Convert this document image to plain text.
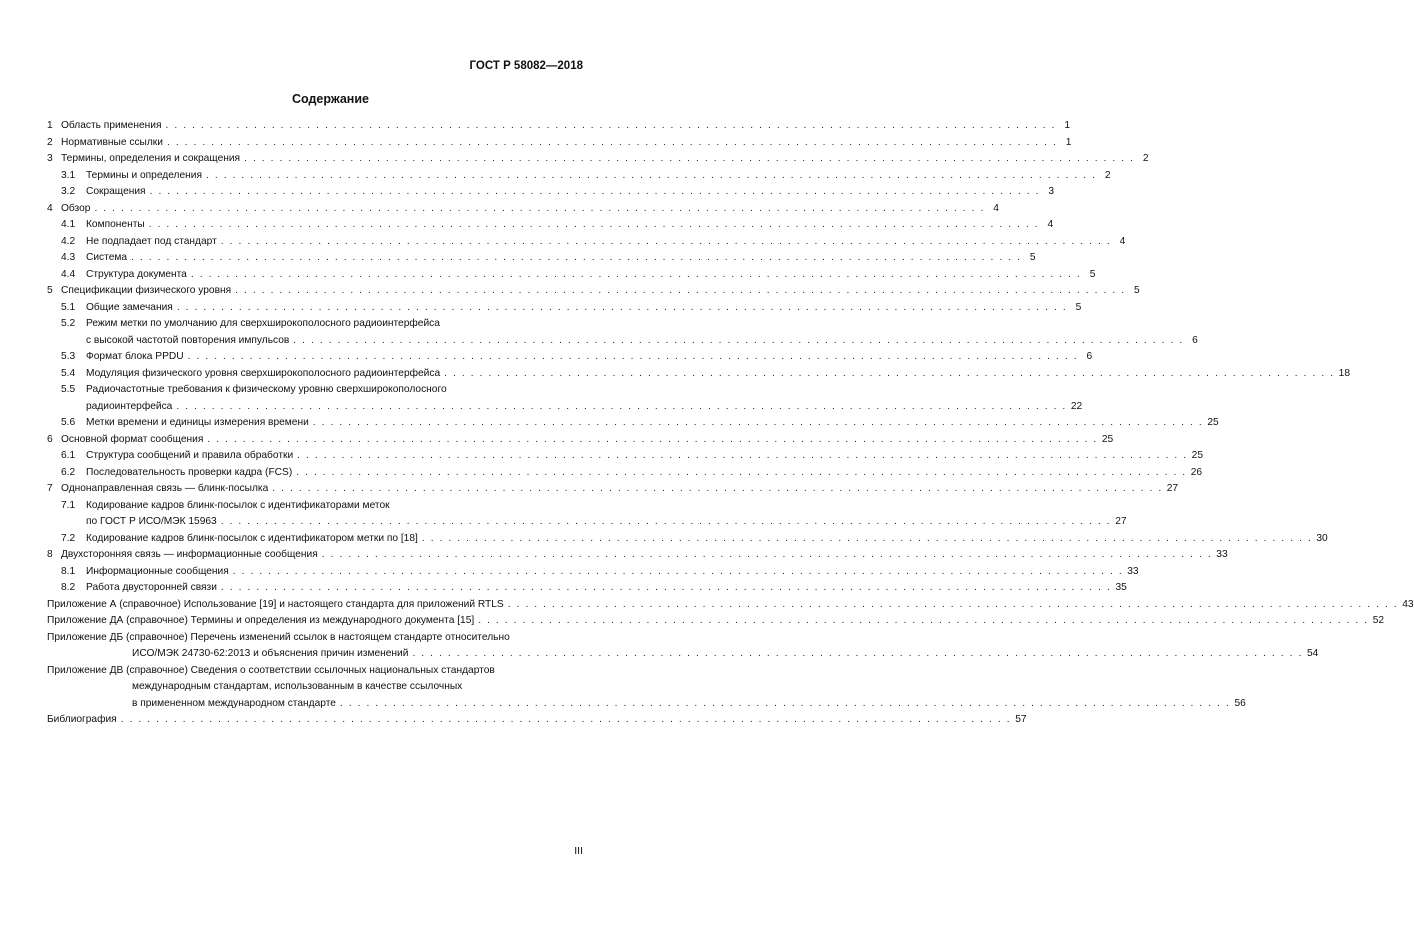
ГОСТ Р 58082—2018
Содержание
1 Область применения . . . . . . . . . . . . . . . . . . . . . . . . . . . . . . . . . . . . . . . . . . . . . . . . . . . . . . . . . . . . . . . . . . . . . . . . . . . . . . . . . . . . . . . . . . . . . . . . . . . . . 1
2 Нормативные ссылки . . . . . . . . . . . . . . . . . . . . . . . . . . . . . . . . . . . . . . . . . . . . . . . . . . . . . . . . . . . . . . . . . . . . . . . . . . . . . . . . . . . . . . . . . . . . . . . . . . . . . 1
3 Термины, определения и сокращения . . . . . . . . . . . . . . . . . . . . . . . . . . . . . . . . . . . . . . . . . . . . . . . . . . . . . . . . . . . . . . . . . . . . . . . . . . . . . . . . . . . . . . . . . . . . . . . . . . . . . 2
3.1	Термины и определения . . . . . . . . . . . . . . . . . . . . . . . . . . . . . . . . . . . . . . . . . . . . . . . . . . . . . . . . . . . . . . . . . . . . . . . . . . . . . . . . . . . . . . . . . . . . . . . . . . . . . 2
3.2	Сокращения . . . . . . . . . . . . . . . . . . . . . . . . . . . . . . . . . . . . . . . . . . . . . . . . . . . . . . . . . . . . . . . . . . . . . . . . . . . . . . . . . . . . . . . . . . . . . . . . . . . . . 3
4 Обзор . . . . . . . . . . . . . . . . . . . . . . . . . . . . . . . . . . . . . . . . . . . . . . . . . . . . . . . . . . . . . . . . . . . . . . . . . . . . . . . . . . . . . . . . . . . . . . . . . . . . . 4
4.1	Компоненты . . . . . . . . . . . . . . . . . . . . . . . . . . . . . . . . . . . . . . . . . . . . . . . . . . . . . . . . . . . . . . . . . . . . . . . . . . . . . . . . . . . . . . . . . . . . . . . . . . . . . 4
4.2	Не подпадает под стандарт . . . . . . . . . . . . . . . . . . . . . . . . . . . . . . . . . . . . . . . . . . . . . . . . . . . . . . . . . . . . . . . . . . . . . . . . . . . . . . . . . . . . . . . . . . . . . . . . . . . . . 4
4.3	Система . . . . . . . . . . . . . . . . . . . . . . . . . . . . . . . . . . . . . . . . . . . . . . . . . . . . . . . . . . . . . . . . . . . . . . . . . . . . . . . . . . . . . . . . . . . . . . . . . . . . . 5
4.4	Структура документа . . . . . . . . . . . . . . . . . . . . . . . . . . . . . . . . . . . . . . . . . . . . . . . . . . . . . . . . . . . . . . . . . . . . . . . . . . . . . . . . . . . . . . . . . . . . . . . . . . . . . 5
5 Спецификации физического уровня . . . . . . . . . . . . . . . . . . . . . . . . . . . . . . . . . . . . . . . . . . . . . . . . . . . . . . . . . . . . . . . . . . . . . . . . . . . . . . . . . . . . . . . . . . . . . . . . . . . . . 5
5.1	Общие замечания . . . . . . . . . . . . . . . . . . . . . . . . . . . . . . . . . . . . . . . . . . . . . . . . . . . . . . . . . . . . . . . . . . . . . . . . . . . . . . . . . . . . . . . . . . . . . . . . . . . . . 5
5.2	Режим метки по умолчанию для сверхширокополосного радиоинтерфейса
с высокой частотой повторения импульсов . . . . . . . . . . . . . . . . . . . . . . . . . . . . . . . . . . . . . . . . . . . . . . . . . . . . . . . . . . . . . . . . . . . . . . . . . . . . . . . . . . . . . . . . . . . . . . . . . . . . . 6
5.3	Формат блока PPDU . . . . . . . . . . . . . . . . . . . . . . . . . . . . . . . . . . . . . . . . . . . . . . . . . . . . . . . . . . . . . . . . . . . . . . . . . . . . . . . . . . . . . . . . . . . . . . . . . . . . . 6
5.4	Модуляция физического уровня сверхширокополосного радиоинтерфейса . . . . . . . . . . . . . . . . . . . . . . . . . . . . . . . . . . . . . . . . . . . . . . . . . . . . . . . . . . . . . . . . . . . . . . . . . . . . . . . . . . . . . . . . . . . . . . . . . . . . . 18
5.5	Радиочастотные требования к физическому уровню сверхширокополосного
радиоинтерфейса . . . . . . . . . . . . . . . . . . . . . . . . . . . . . . . . . . . . . . . . . . . . . . . . . . . . . . . . . . . . . . . . . . . . . . . . . . . . . . . . . . . . . . . . . . . . . . . . . . . . . 22
5.6	Метки времени и единицы измерения времени . . . . . . . . . . . . . . . . . . . . . . . . . . . . . . . . . . . . . . . . . . . . . . . . . . . . . . . . . . . . . . . . . . . . . . . . . . . . . . . . . . . . . . . . . . . . . . . . . . . . . 25
6 Основной формат сообщения . . . . . . . . . . . . . . . . . . . . . . . . . . . . . . . . . . . . . . . . . . . . . . . . . . . . . . . . . . . . . . . . . . . . . . . . . . . . . . . . . . . . . . . . . . . . . . . . . . . . . 25
6.1	Структура сообщений и правила обработки . . . . . . . . . . . . . . . . . . . . . . . . . . . . . . . . . . . . . . . . . . . . . . . . . . . . . . . . . . . . . . . . . . . . . . . . . . . . . . . . . . . . . . . . . . . . . . . . . . . . . 25
6.2	Последовательность проверки кадра (FCS) . . . . . . . . . . . . . . . . . . . . . . . . . . . . . . . . . . . . . . . . . . . . . . . . . . . . . . . . . . . . . . . . . . . . . . . . . . . . . . . . . . . . . . . . . . . . . . . . . . . . . 26
7 Однонаправленная связь — блинк-посылка . . . . . . . . . . . . . . . . . . . . . . . . . . . . . . . . . . . . . . . . . . . . . . . . . . . . . . . . . . . . . . . . . . . . . . . . . . . . . . . . . . . . . . . . . . . . . . . . . . . . . 27
7.1	Кодирование кадров блинк-посылок с идентификаторами меток
по ГОСТ Р ИСО/МЭК 15963 . . . . . . . . . . . . . . . . . . . . . . . . . . . . . . . . . . . . . . . . . . . . . . . . . . . . . . . . . . . . . . . . . . . . . . . . . . . . . . . . . . . . . . . . . . . . . . . . . . . . . 27
7.2	Кодирование кадров блинк-посылок с идентификатором метки по [18] . . . . . . . . . . . . . . . . . . . . . . . . . . . . . . . . . . . . . . . . . . . . . . . . . . . . . . . . . . . . . . . . . . . . . . . . . . . . . . . . . . . . . . . . . . . . . . . . . . . . . 30
8 Двухсторонняя связь — информационные сообщения . . . . . . . . . . . . . . . . . . . . . . . . . . . . . . . . . . . . . . . . . . . . . . . . . . . . . . . . . . . . . . . . . . . . . . . . . . . . . . . . . . . . . . . . . . . . . . . . . . . . . 33
8.1	Информационные сообщения . . . . . . . . . . . . . . . . . . . . . . . . . . . . . . . . . . . . . . . . . . . . . . . . . . . . . . . . . . . . . . . . . . . . . . . . . . . . . . . . . . . . . . . . . . . . . . . . . . . . . 33
8.2	Работа двусторонней связи . . . . . . . . . . . . . . . . . . . . . . . . . . . . . . . . . . . . . . . . . . . . . . . . . . . . . . . . . . . . . . . . . . . . . . . . . . . . . . . . . . . . . . . . . . . . . . . . . . . . . 35
Приложение А (справочное) Использование [19] и настоящего стандарта для приложений RTLS . . . . . . . . . . . . . . . . . . . . . . . . . . . . . . . . . . . . . . . . . . . . . . . . . . . . . . . . . . . . . . . . . . . . . . . . . . . . . . . . . . . . . . . . . . . . . . . . . . . . . 43
Приложение ДА (справочное) Термины и определения из международного документа [15] . . . . . . . . . . . . . . . . . . . . . . . . . . . . . . . . . . . . . . . . . . . . . . . . . . . . . . . . . . . . . . . . . . . . . . . . . . . . . . . . . . . . . . . . . . . . . . . . . . . . . 52
Приложение ДБ (справочное) Перечень изменений ссылок в настоящем стандарте относительно
ИСО/МЭК 24730-62:2013 и объяснения причин изменений . . . . . . . . . . . . . . . . . . . . . . . . . . . . . . . . . . . . . . . . . . . . . . . . . . . . . . . . . . . . . . . . . . . . . . . . . . . . . . . . . . . . . . . . . . . . . . . . . . . . . 54
Приложение ДВ (справочное) Сведения о соответствии ссылочных национальных стандартов
международным стандартам, использованным в качестве ссылочных
в примененном международном стандарте . . . . . . . . . . . . . . . . . . . . . . . . . . . . . . . . . . . . . . . . . . . . . . . . . . . . . . . . . . . . . . . . . . . . . . . . . . . . . . . . . . . . . . . . . . . . . . . . . . . . . 56
Библиография . . . . . . . . . . . . . . . . . . . . . . . . . . . . . . . . . . . . . . . . . . . . . . . . . . . . . . . . . . . . . . . . . . . . . . . . . . . . . . . . . . . . . . . . . . . . . . . . . . . . . 57
III
